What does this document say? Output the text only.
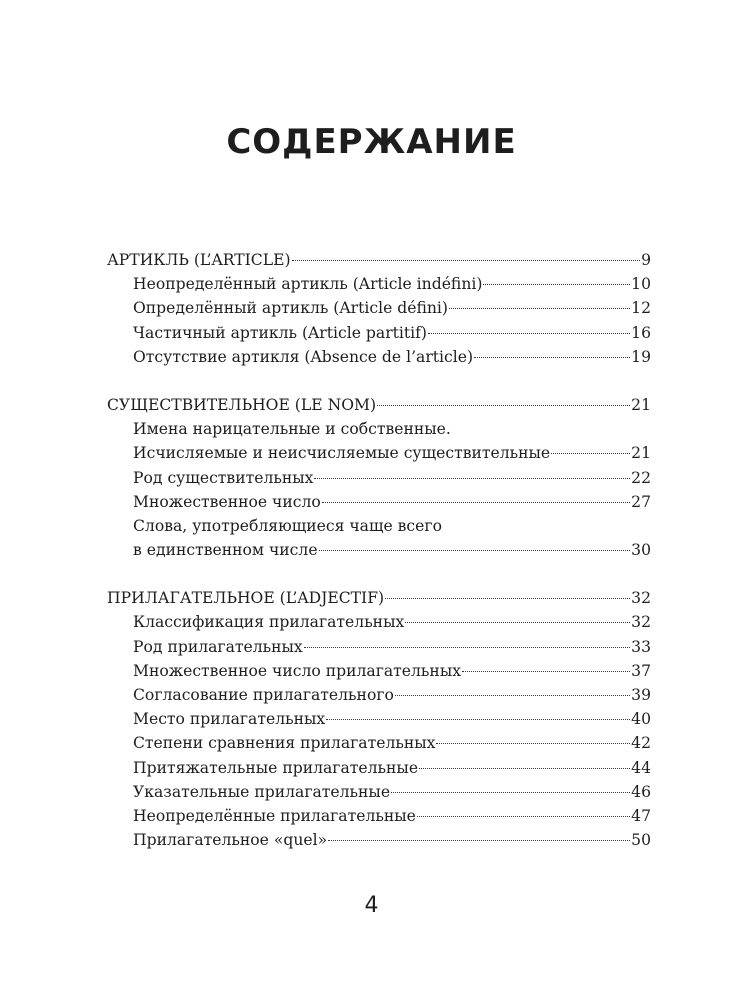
СОДЕРЖАНИЕ
АРТИКЛЬ (L’ARTICLE)	9
Неопределённый артикль (Article indéfini)	10
Определённый артикль (Article défini)	12
Частичный артикль (Article partitif)	16
Отсутствие артикля (Absence de l’article)	19
СУЩЕСТВИТЕЛЬНОЕ (LE NOM)	21
Имена нарицательные и собственные.
Исчисляемые и неисчисляемые существительные	21
Род существительных	22
Множественное число	27
Слова, употребляющиеся чаще всего
в единственном числе	30
ПРИЛАГАТЕЛЬНОЕ (L’ADJECTIF)	32
Классификация прилагательных	32
Род прилагательных	33
Множественное число прилагательных	37
Согласование прилагательного	39
Место прилагательных	40
Степени сравнения прилагательных	42
Притяжательные прилагательные	44
Указательные прилагательные	46
Неопределённые прилагательные	47
Прилагательное «quel»	50
4
